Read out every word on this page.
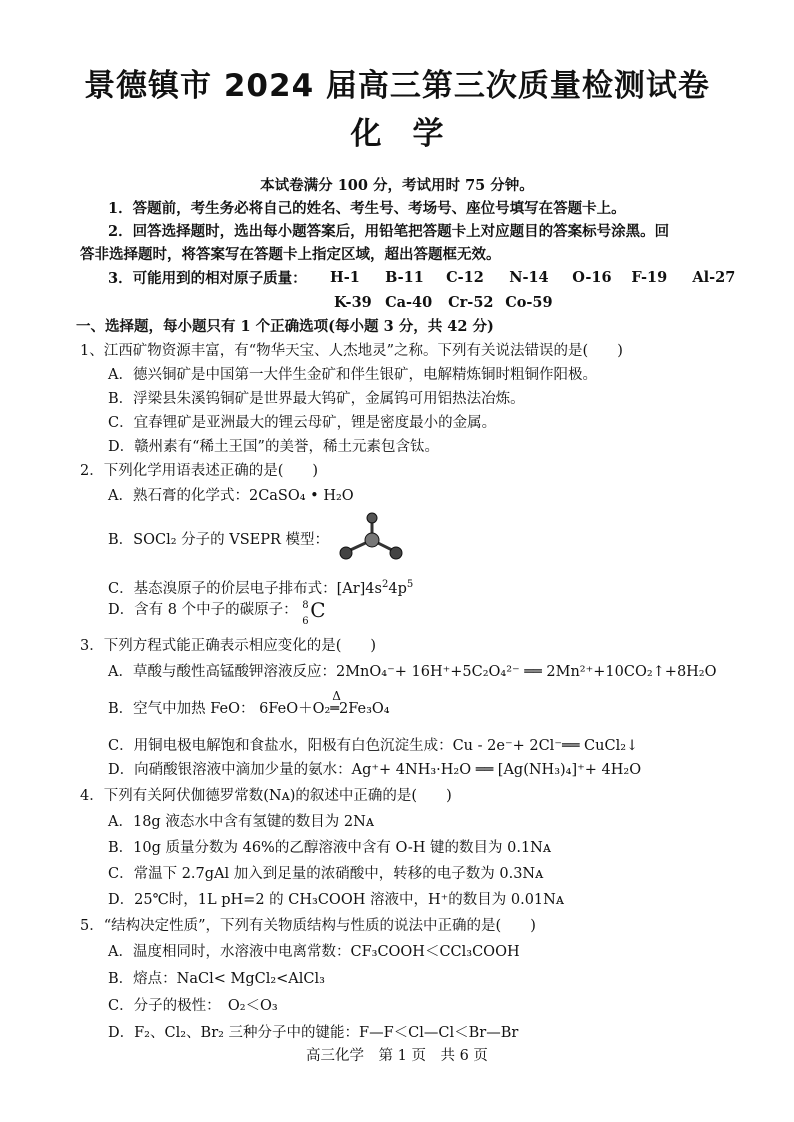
景德镇市 2024 届高三第三次质量检测试卷
化　学
本试卷满分 100 分，考试用时 75 分钟。
1．答题前，考生务必将自己的姓名、考生号、考场号、座位号填写在答题卡上。
2．回答选择题时，选出每小题答案后，用铅笔把答题卡上对应题目的答案标号涂黑。回
答非选择题时，将答案写在答题卡上指定区域，超出答题框无效。
3．可能用到的相对原子质量： H-1 B-11 C-12 N-14 O-16 F-19 Al-27
K-39 Ca-40 Cr-52 Co-59
一、选择题，每小题只有 1 个正确选项(每小题 3 分，共 42 分)
1、江西矿物资源丰富，有“物华天宝、人杰地灵”之称。下列有关说法错误的是(　　)
A．德兴铜矿是中国第一大伴生金矿和伴生银矿，电解精炼铜时粗铜作阳极。
B．浮梁县朱溪钨铜矿是世界最大钨矿，金属钨可用铝热法冶炼。
C．宜春锂矿是亚洲最大的锂云母矿，锂是密度最小的金属。
D．赣州素有“稀土王国”的美誉，稀土元素包含钛。
2．下列化学用语表述正确的是(　　)
A．熟石膏的化学式：2CaSO₄ • H₂O
B．SOCl₂ 分子的 VSEPR 模型：
C．基态溴原子的价层电子排布式：$[Ar]4s^24p^5$
D．含有 8 个中子的碳原子： 8
6 C
3．下列方程式能正确表示相应变化的是(　　)
A．草酸与酸性高锰酸钾溶液反应：2MnO₄⁻+ 16H⁺+5C₂O₄²⁻ ══ 2Mn²⁺+10CO₂↑+8H₂O
B．空气中加热 FeO： 6FeO＋O₂
Δ
═2Fe₃O₄
C．用铜电极电解饱和食盐水，阳极有白色沉淀生成：Cu - 2e⁻+ 2Cl⁻══ CuCl₂↓
D．向硝酸银溶液中滴加少量的氨水：Ag⁺+ 4NH₃·H₂O ══ [Ag(NH₃)₄]⁺+ 4H₂O
4．下列有关阿伏伽德罗常数(Nᴀ)的叙述中正确的是(　　)
A．18g 液态水中含有氢键的数目为 2Nᴀ
B．10g 质量分数为 46%的乙醇溶液中含有 O-H 键的数目为 0.1Nᴀ
C．常温下 2.7gAl 加入到足量的浓硝酸中，转移的电子数为 0.3Nᴀ
D．25℃时，1L pH=2 的 CH₃COOH 溶液中，H⁺的数目为 0.01Nᴀ
5．“结构决定性质”，下列有关物质结构与性质的说法中正确的是(　　)
A．温度相同时，水溶液中电离常数：CF₃COOH＜CCl₃COOH
B．熔点：NaCl< MgCl₂<AlCl₃
C．分子的极性：　O₂＜O₃
D．F₂、Cl₂、Br₂ 三种分子中的键能：F—F＜Cl—Cl＜Br—Br
高三化学　第 1 页　共 6 页
